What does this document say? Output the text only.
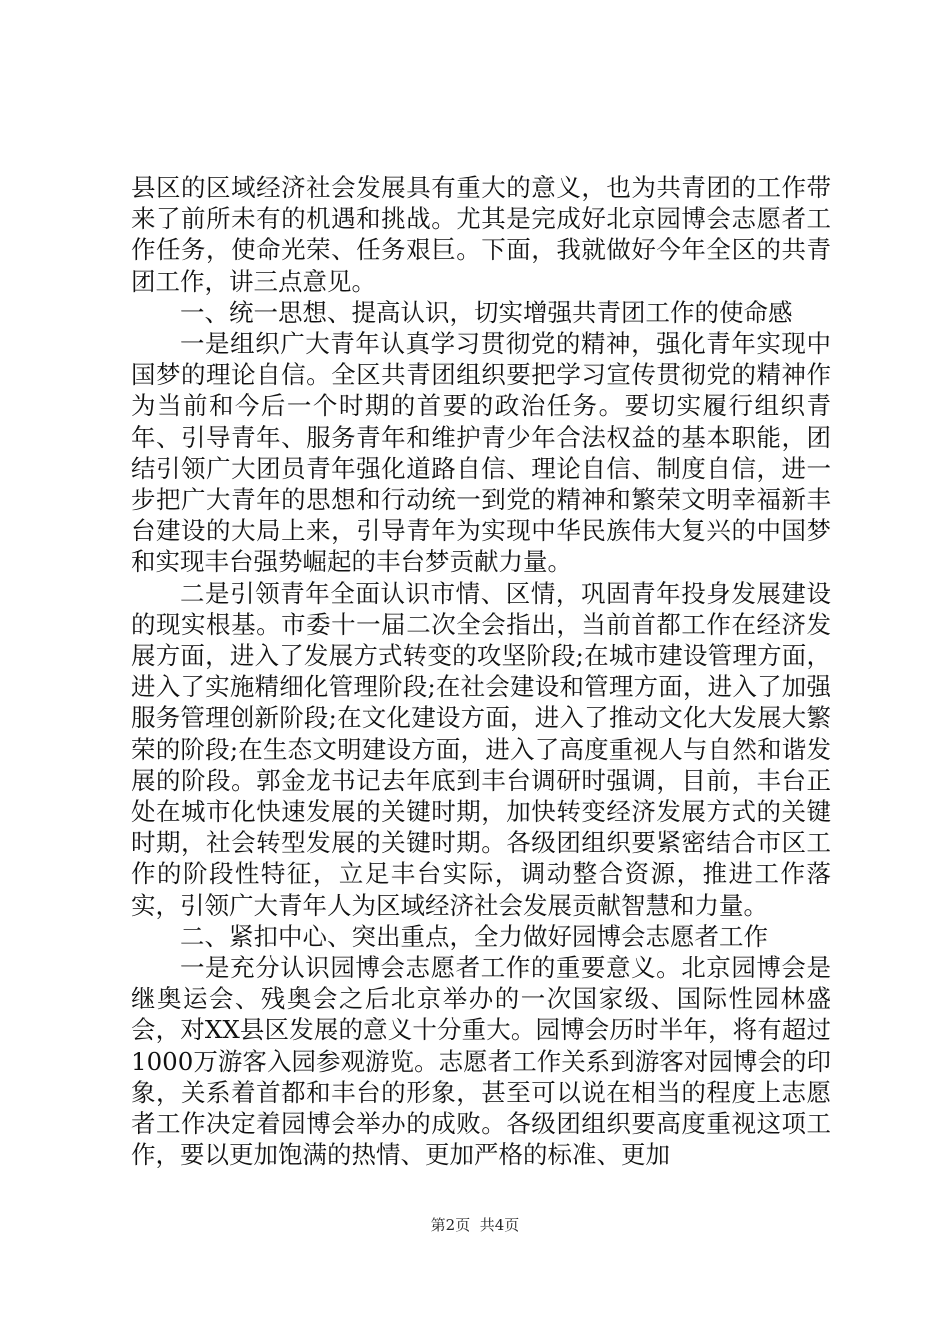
县区的区域经济社会发展具有重大的意义，也为共青团的工作带来了前所未有的机遇和挑战。尤其是完成好北京园博会志愿者工作任务，使命光荣、任务艰巨。下面，我就做好今年全区的共青团工作，讲三点意见。

一、统一思想、提高认识，切实增强共青团工作的使命感

一是组织广大青年认真学习贯彻党的精神，强化青年实现中国梦的理论自信。全区共青团组织要把学习宣传贯彻党的精神作为当前和今后一个时期的首要的政治任务。要切实履行组织青年、引导青年、服务青年和维护青少年合法权益的基本职能，团结引领广大团员青年强化道路自信、理论自信、制度自信，进一步把广大青年的思想和行动统一到党的精神和繁荣文明幸福新丰台建设的大局上来，引导青年为实现中华民族伟大复兴的中国梦和实现丰台强势崛起的丰台梦贡献力量。

二是引领青年全面认识市情、区情，巩固青年投身发展建设的现实根基。市委十一届二次全会指出，当前首都工作在经济发展方面，进入了发展方式转变的攻坚阶段;在城市建设管理方面，进入了实施精细化管理阶段;在社会建设和管理方面，进入了加强服务管理创新阶段;在文化建设方面，进入了推动文化大发展大繁荣的阶段;在生态文明建设方面，进入了高度重视人与自然和谐发展的阶段。郭金龙书记去年底到丰台调研时强调，目前，丰台正处在城市化快速发展的关键时期，加快转变经济发展方式的关键时期，社会转型发展的关键时期。各级团组织要紧密结合市区工作的阶段性特征，立足丰台实际，调动整合资源，推进工作落实，引领广大青年人为区域经济社会发展贡献智慧和力量。

二、紧扣中心、突出重点，全力做好园博会志愿者工作

一是充分认识园博会志愿者工作的重要意义。北京园博会是继奥运会、残奥会之后北京举办的一次国家级、国际性园林盛会，对XX县区发展的意义十分重大。园博会历时半年，将有超过1000万游客入园参观游览。志愿者工作关系到游客对园博会的印象，关系着首都和丰台的形象，甚至可以说在相当的程度上志愿者工作决定着园博会举办的成败。各级团组织要高度重视这项工作，要以更加饱满的热情、更加严格的标准、更加

第2页 共4页
